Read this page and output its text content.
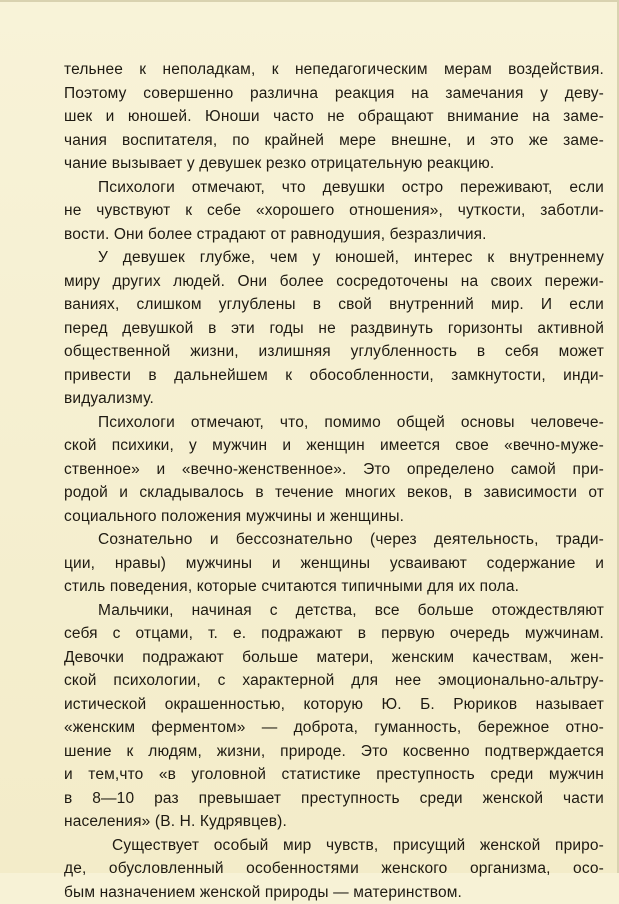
тельнее к неполадкам, к непедагогическим мерам воздействия.
Поэтому совершенно различна реакция на замечания у деву-
шек и юношей. Юноши часто не обращают внимание на заме-
чания воспитателя, по крайней мере внешне, и это же заме-
чание вызывает у девушек резко отрицательную реакцию.
Психологи отмечают, что девушки остро переживают, если
не чувствуют к себе «хорошего отношения», чуткости, заботли-
вости. Они более страдают от равнодушия, безразличия.
У девушек глубже, чем у юношей, интерес к внутреннему
миру других людей. Они более сосредоточены на своих пережи-
ваниях, слишком углублены в свой внутренний мир. И если
перед девушкой в эти годы не раздвинуть горизонты активной
общественной жизни, излишняя углубленность в себя может
привести в дальнейшем к обособленности, замкнутости, инди-
видуализму.
Психологи отмечают, что, помимо общей основы человече-
ской психики, у мужчин и женщин имеется свое «вечно-муже-
ственное» и «вечно-женственное». Это определено самой при-
родой и складывалось в течение многих веков, в зависимости от
социального положения мужчины и женщины.
Сознательно и бессознательно (через деятельность, тради-
ции, нравы) мужчины и женщины усваивают содержание и
стиль поведения, которые считаются типичными для их пола.
Мальчики, начиная с детства, все больше отождествляют
себя с отцами, т. е. подражают в первую очередь мужчинам.
Девочки подражают больше матери, женским качествам, жен-
ской психологии, с характерной для нее эмоционально-альтру-
истической окрашенностью, которую Ю. Б. Рюриков называет
«женским ферментом» — доброта, гуманность, бережное отно-
шение к людям, жизни, природе. Это косвенно подтверждается
и тем,что «в уголовной статистике преступность среди мужчин
в 8—10 раз превышает преступность среди женской части
населения» (В. Н. Кудрявцев).
Существует особый мир чувств, присущий женской приро-
де, обусловленный особенностями женского организма, осо-
бым назначением женской природы — материнством.
